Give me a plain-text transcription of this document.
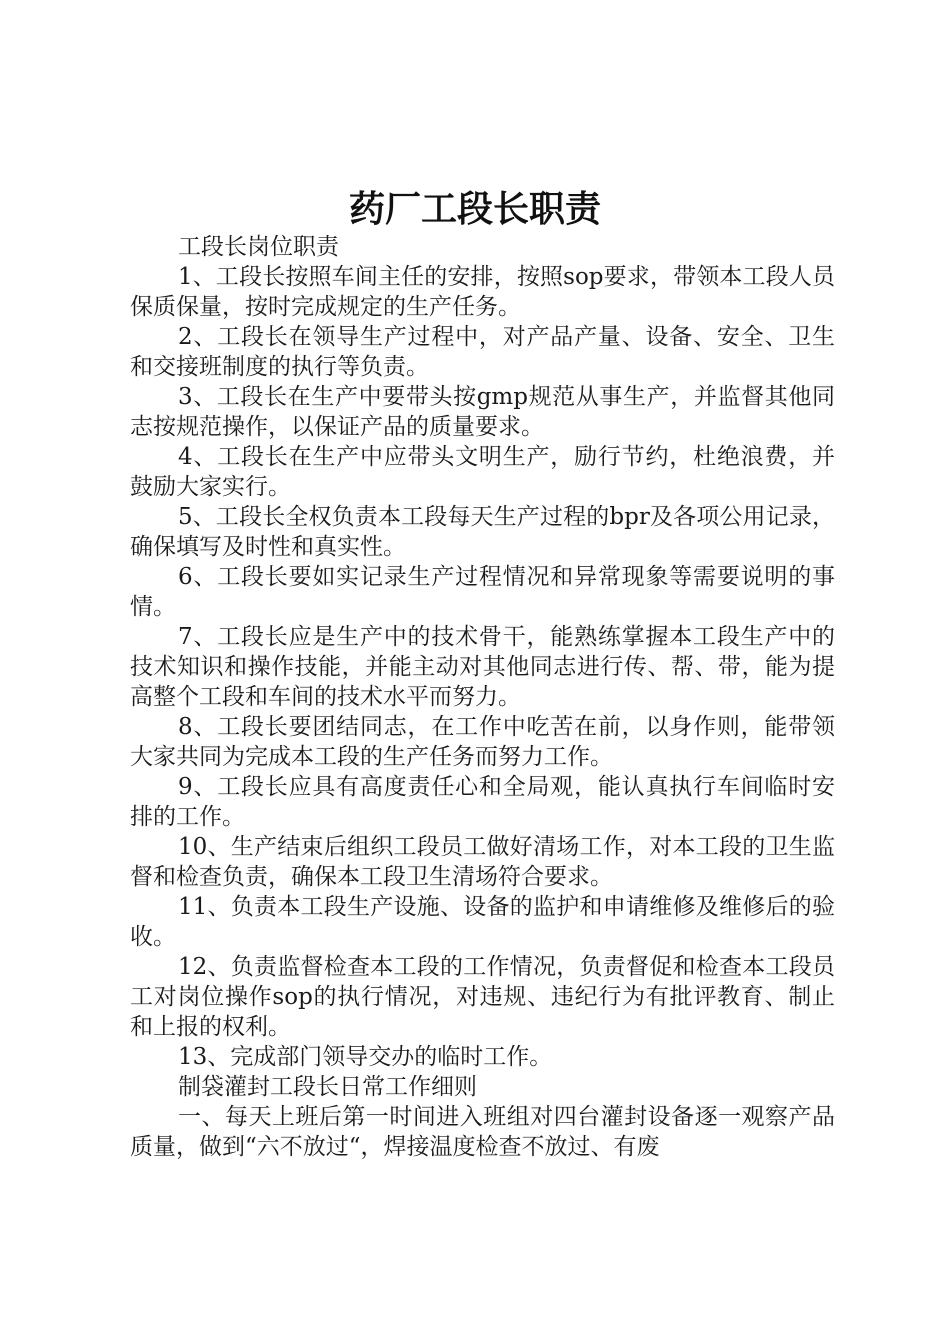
药厂工段长职责

工段长岗位职责

1、工段长按照车间主任的安排，按照sop要求，带领本工段人员保质保量，按时完成规定的生产任务。

2、工段长在领导生产过程中，对产品产量、设备、安全、卫生和交接班制度的执行等负责。

3、工段长在生产中要带头按gmp规范从事生产，并监督其他同志按规范操作，以保证产品的质量要求。

4、工段长在生产中应带头文明生产，励行节约，杜绝浪费，并鼓励大家实行。

5、工段长全权负责本工段每天生产过程的bpr及各项公用记录，确保填写及时性和真实性。

6、工段长要如实记录生产过程情况和异常现象等需要说明的事情。

7、工段长应是生产中的技术骨干，能熟练掌握本工段生产中的技术知识和操作技能，并能主动对其他同志进行传、帮、带，能为提高整个工段和车间的技术水平而努力。

8、工段长要团结同志，在工作中吃苦在前，以身作则，能带领大家共同为完成本工段的生产任务而努力工作。

9、工段长应具有高度责任心和全局观，能认真执行车间临时安排的工作。

10、生产结束后组织工段员工做好清场工作，对本工段的卫生监督和检查负责，确保本工段卫生清场符合要求。

11、负责本工段生产设施、设备的监护和申请维修及维修后的验收。

12、负责监督检查本工段的工作情况，负责督促和检查本工段员工对岗位操作sop的执行情况，对违规、违纪行为有批评教育、制止和上报的权利。

13、完成部门领导交办的临时工作。

制袋灌封工段长日常工作细则

一、每天上班后第一时间进入班组对四台灌封设备逐一观察产品质量，做到“六不放过“，焊接温度检查不放过、有废
